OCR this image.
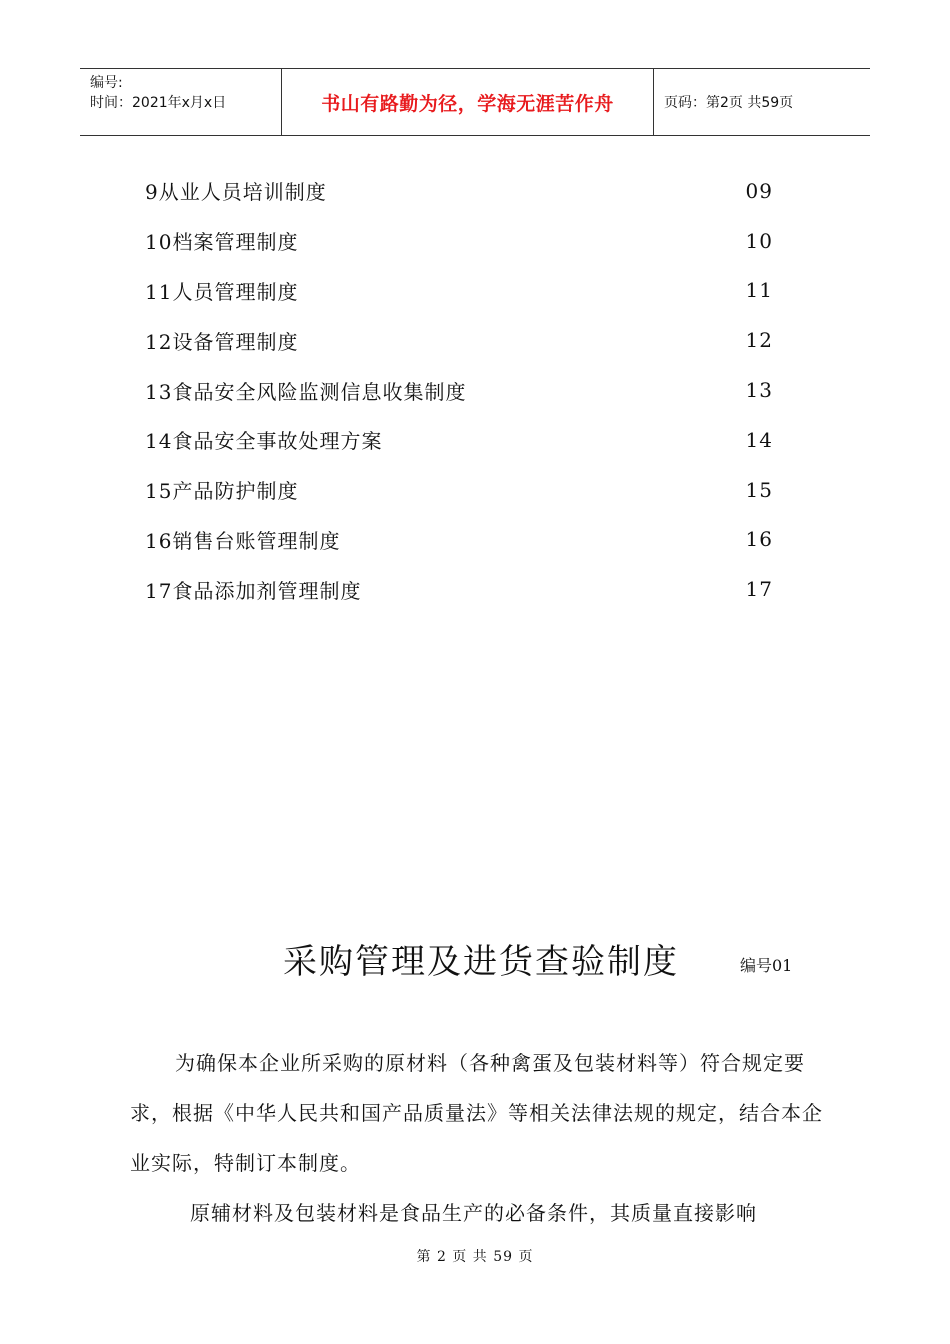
编号:
时间：2021年x月x日	书山有路勤为径，学海无涯苦作舟	页码：第2页 共59页
9从业人员培训制度	09
10档案管理制度	10
11人员管理制度	11
12设备管理制度	12
13食品安全风险监测信息收集制度	13
14食品安全事故处理方案	14
15产品防护制度	15
16销售台账管理制度	16
17食品添加剂管理制度	17
采购管理及进货查验制度	编号01

为确保本企业所采购的原材料（各种禽蛋及包装材料等）符合规定要求，根据《中华人民共和国产品质量法》等相关法律法规的规定，结合本企业实际，特制订本制度。

原辅材料及包装材料是食品生产的必备条件，其质量直接影响

第 2 页 共 59 页
